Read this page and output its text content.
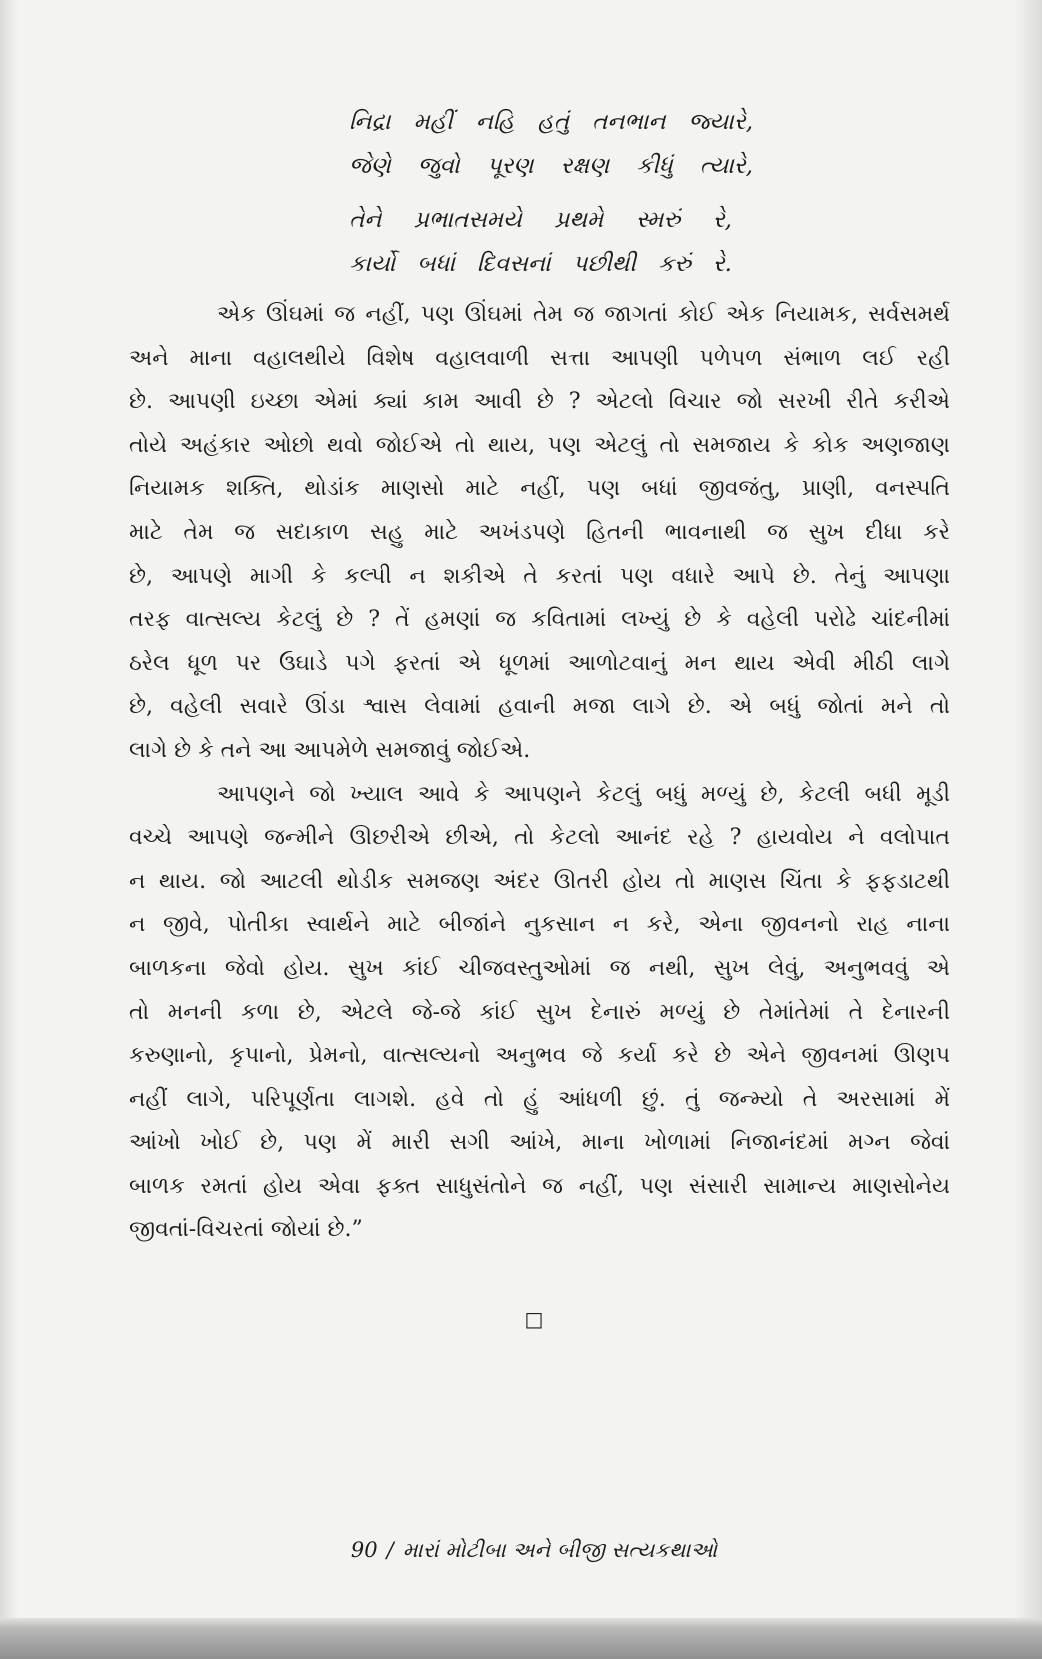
નિદ્રા મહીં નહિ હતું તનભાન જ્યારે,
જેણે જુવો પૂરણ રક્ષણ કીધું ત્યારે,
તેને પ્રભાતસમયે પ્રથમે સ્મરું રે,
કાર્યો બધાં દિવસનાં પછીથી કરું રે.
એક ઊંઘમાં જ નહીં, પણ ઊંઘમાં તેમ જ જાગતાં કોઈ એક નિયામક, સર્વસમર્થ
અને માના વહાલથીયે વિશેષ વહાલવાળી સત્તા આપણી પળેપળ સંભાળ લઈ રહી
છે. આપણી ઇચ્છા એમાં ક્યાં કામ આવી છે ? એટલો વિચાર જો સરખી રીતે કરીએ
તોયે અહંકાર ઓછો થવો જોઈએ તો થાય, પણ એટલું તો સમજાય કે કોક અણજાણ
નિયામક શક્તિ, થોડાંક માણસો માટે નહીં, પણ બધાં જીવજંતુ, પ્રાણી, વનસ્પતિ
માટે તેમ જ સદાકાળ સહુ માટે અખંડપણે હિતની ભાવનાથી જ સુખ દીધા કરે
છે, આપણે માગી કે કલ્પી ન શકીએ તે કરતાં પણ વધારે આપે છે. તેનું આપણા
તરફ વાત્સલ્ય કેટલું છે ? તેં હમણાં જ કવિતામાં લખ્યું છે કે વહેલી પરોઢે ચાંદનીમાં
ઠરેલ ધૂળ પર ઉઘાડે પગે ફરતાં એ ધૂળમાં આળોટવાનું મન થાય એવી મીઠી લાગે
છે, વહેલી સવારે ઊંડા શ્વાસ લેવામાં હવાની મજા લાગે છે. એ બધું જોતાં મને તો
લાગે છે કે તને આ આપમેળે સમજાવું જોઈએ.
આપણને જો ખ્યાલ આવે કે આપણને કેટલું બધું મળ્યું છે, કેટલી બધી મૂડી
વચ્ચે આપણે જન્મીને ઊછરીએ છીએ, તો કેટલો આનંદ રહે ? હાયવોય ને વલોપાત
ન થાય. જો આટલી થોડીક સમજણ અંદર ઊતરી હોય તો માણસ ચિંતા કે ફફડાટથી
ન જીવે, પોતીકા સ્વાર્થને માટે બીજાંને નુકસાન ન કરે, એના જીવનનો રાહ નાના
બાળકના જેવો હોય. સુખ કાંઈ ચીજવસ્તુઓમાં જ નથી, સુખ લેવું, અનુભવવું એ
તો મનની કળા છે, એટલે જે-જે કાંઈ સુખ દેનારું મળ્યું છે તેમાંતેમાં તે દેનારની
કરુણાનો, કૃપાનો, પ્રેમનો, વાત્સલ્યનો અનુભવ જે કર્યા કરે છે એને જીવનમાં ઊણપ
નહીં લાગે, પરિપૂર્ણતા લાગશે. હવે તો હું આંધળી છું. તું જન્મ્યો તે અરસામાં મેં
આંખો ખોઈ છે, પણ મેં મારી સગી આંખે, માના ખોળામાં નિજાનંદમાં મગ્ન જેવાં
બાળક રમતાં હોય એવા ફક્ત સાધુસંતોને જ નહીં, પણ સંસારી સામાન્ય માણસોનેય
જીવતાં-વિચરતાં જોયાં છે.”
□
90 / મારાં મોટીબા અને બીજી સત્યકથાઓ
